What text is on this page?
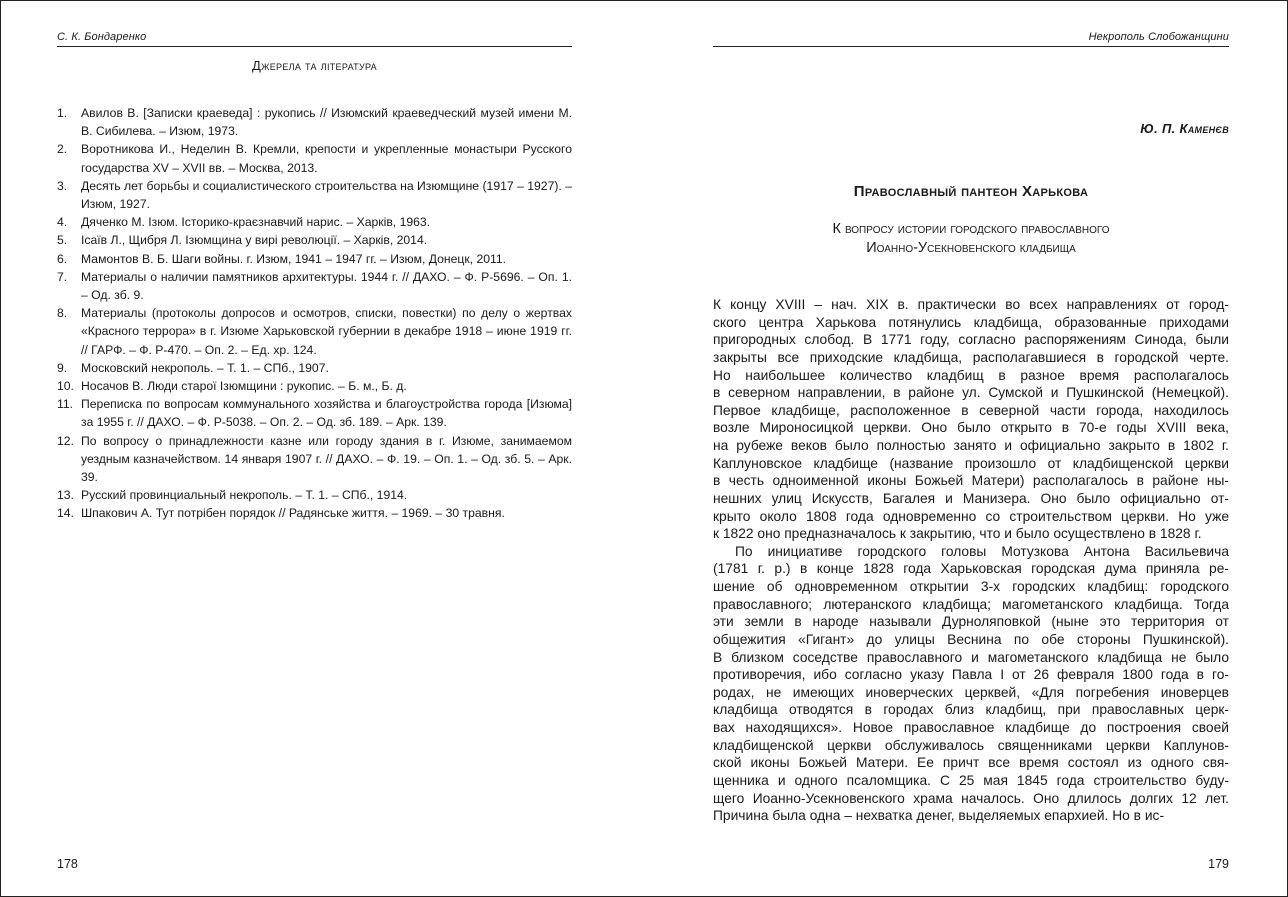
С. К. Бондаренко
Джерела та література
1. Авилов В. [Записки краеведа] : рукопись // Изюмский краеведческий музей имени М. В. Сибилева. – Изюм, 1973.
2. Воротникова И., Неделин В. Кремли, крепости и укрепленные монастыри Русского государства XV – XVII вв. – Москва, 2013.
3. Десять лет борьбы и социалистического строительства на Изюмщине (1917 – 1927). – Изюм, 1927.
4. Дяченко М. Ізюм. Історико-краєзнавчий нарис. – Харків, 1963.
5. Ісаїв Л., Щибря Л. Ізюмщина у вирі революції. – Харків, 2014.
6. Мамонтов В. Б. Шаги войны. г. Изюм, 1941 – 1947 гг. – Изюм, Донецк, 2011.
7. Материалы о наличии памятников архитектуры. 1944 г. // ДАХО. – Ф. Р-5696. – Оп. 1. – Од. зб. 9.
8. Материалы (протоколы допросов и осмотров, списки, повестки) по делу о жертвах «Красного террора» в г. Изюме Харьковской губернии в декабре 1918 – июне 1919 гг. // ГАРФ. – Ф. Р-470. – Оп. 2. – Ед. хр. 124.
9. Московский некрополь. – Т. 1. – СПб., 1907.
10. Носачов В. Люди старої Ізюмщини : рукопис. – Б. м., Б. д.
11. Переписка по вопросам коммунального хозяйства и благоустройства города [Изюма] за 1955 г. // ДАХО. – Ф. Р-5038. – Оп. 2. – Од. зб. 189. – Арк. 139.
12. По вопросу о принадлежности казне или городу здания в г. Изюме, занимаемом уездным казначейством. 14 января 1907 г. // ДАХО. – Ф. 19. – Оп. 1. – Од. зб. 5. – Арк. 39.
13. Русский провинциальный некрополь. – Т. 1. – СПб., 1914.
14. Шпакович А. Тут потрібен порядок // Радянське життя. – 1969. – 30 травня.
178
Некрополь Слобожанщини
Ю. П. Каменєв
Православный пантеон Харькова
К вопросу истории городского православного
Иоанно-Усекновенского кладбища
К концу XVIII – нач. XIX в. практически во всех направлениях от город-
ского центра Харькова потянулись кладбища, образованные приходами
пригородных слобод. В 1771 году, согласно распоряжениям Синода, были
закрыты все приходские кладбища, располагавшиеся в городской черте.
Но наибольшее количество кладбищ в разное время располагалось
в северном направлении, в районе ул. Сумской и Пушкинской (Немецкой).
Первое кладбище, расположенное в северной части города, находилось
возле Мироносицкой церкви. Оно было открыто в 70-е годы XVIII века,
на рубеже веков было полностью занято и официально закрыто в 1802 г.
Каплуновское кладбище (название произошло от кладбищенской церкви
в честь одноименной иконы Божьей Матери) располагалось в районе ны-
нешних улиц Искусств, Багалея и Манизера. Оно было официально от-
крыто около 1808 года одновременно со строительством церкви. Но уже
к 1822 оно предназначалось к закрытию, что и было осуществлено в 1828 г.
По инициативе городского головы Мотузкова Антона Васильевича
(1781 г. р.) в конце 1828 года Харьковская городская дума приняла ре-
шение об одновременном открытии 3-х городских кладбищ: городского
православного; лютеранского кладбища; магометанского кладбища. Тогда
эти земли в народе называли Дурноляповкой (ныне это территория от
общежития «Гигант» до улицы Веснина по обе стороны Пушкинской).
В близком соседстве православного и магометанского кладбища не было
противоречия, ибо согласно указу Павла I от 26 февраля 1800 года в го-
родах, не имеющих иноверческих церквей, «Для погребения иноверцев
кладбища отводятся в городах близ кладбищ, при православных церк-
вах находящихся». Новое православное кладбище до построения своей
кладбищенской церкви обслуживалось священниками церкви Каплунов-
ской иконы Божьей Матери. Ее причт все время состоял из одного свя-
щенника и одного псаломщика. С 25 мая 1845 года строительство буду-
щего Иоанно-Усекновенского храма началось. Оно длилось долгих 12 лет.
Причина была одна – нехватка денег, выделяемых епархией. Но в ис-
179
